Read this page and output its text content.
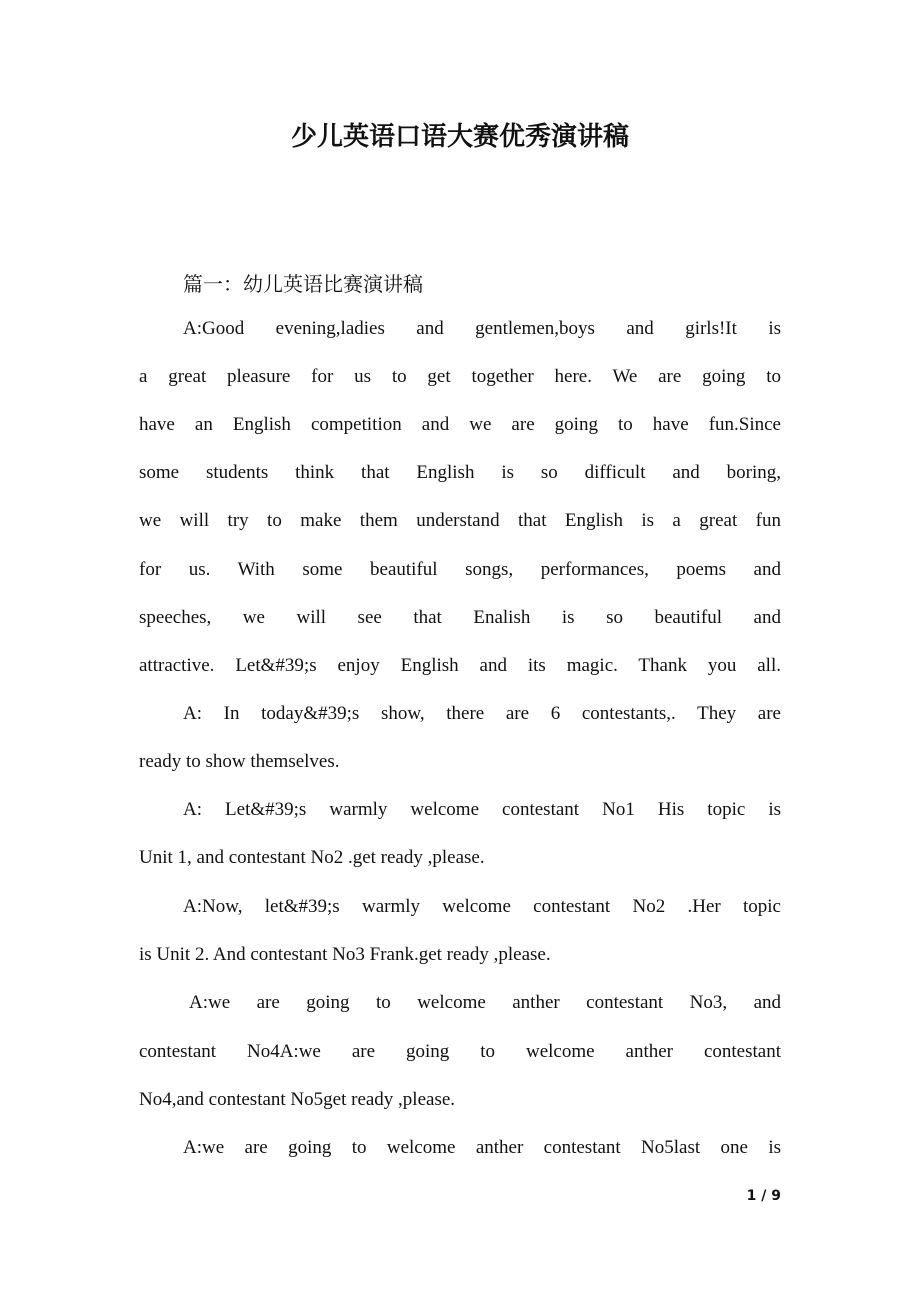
少儿英语口语大赛优秀演讲稿
篇一：幼儿英语比赛演讲稿
A:Good evening,ladies and gentlemen,boys and girls!It is
a great pleasure for us to get together here. We are going to
have an English competition and we are going to have fun.Since
some students think that English is so difficult and boring,
we will try to make them understand that English is a great fun
for us. With some beautiful songs, performances, poems and
speeches, we will see that Enalish is so beautiful and
attractive. Let&#39;s enjoy English and its magic. Thank you all.
A: In today&#39;s show, there are 6 contestants,. They are
ready to show themselves.
A: Let&#39;s warmly welcome contestant No1 His topic is
Unit 1, and contestant No2 .get ready ,please.
A:Now, let&#39;s warmly welcome contestant No2 .Her topic
is Unit 2. And contestant No3 Frank.get ready ,please.
A:we are going to welcome anther contestant No3, and
contestant No4A:we are going to welcome anther contestant
No4,and contestant No5get ready ,please.
A:we are going to welcome anther contestant No5last one is
1 / 9
